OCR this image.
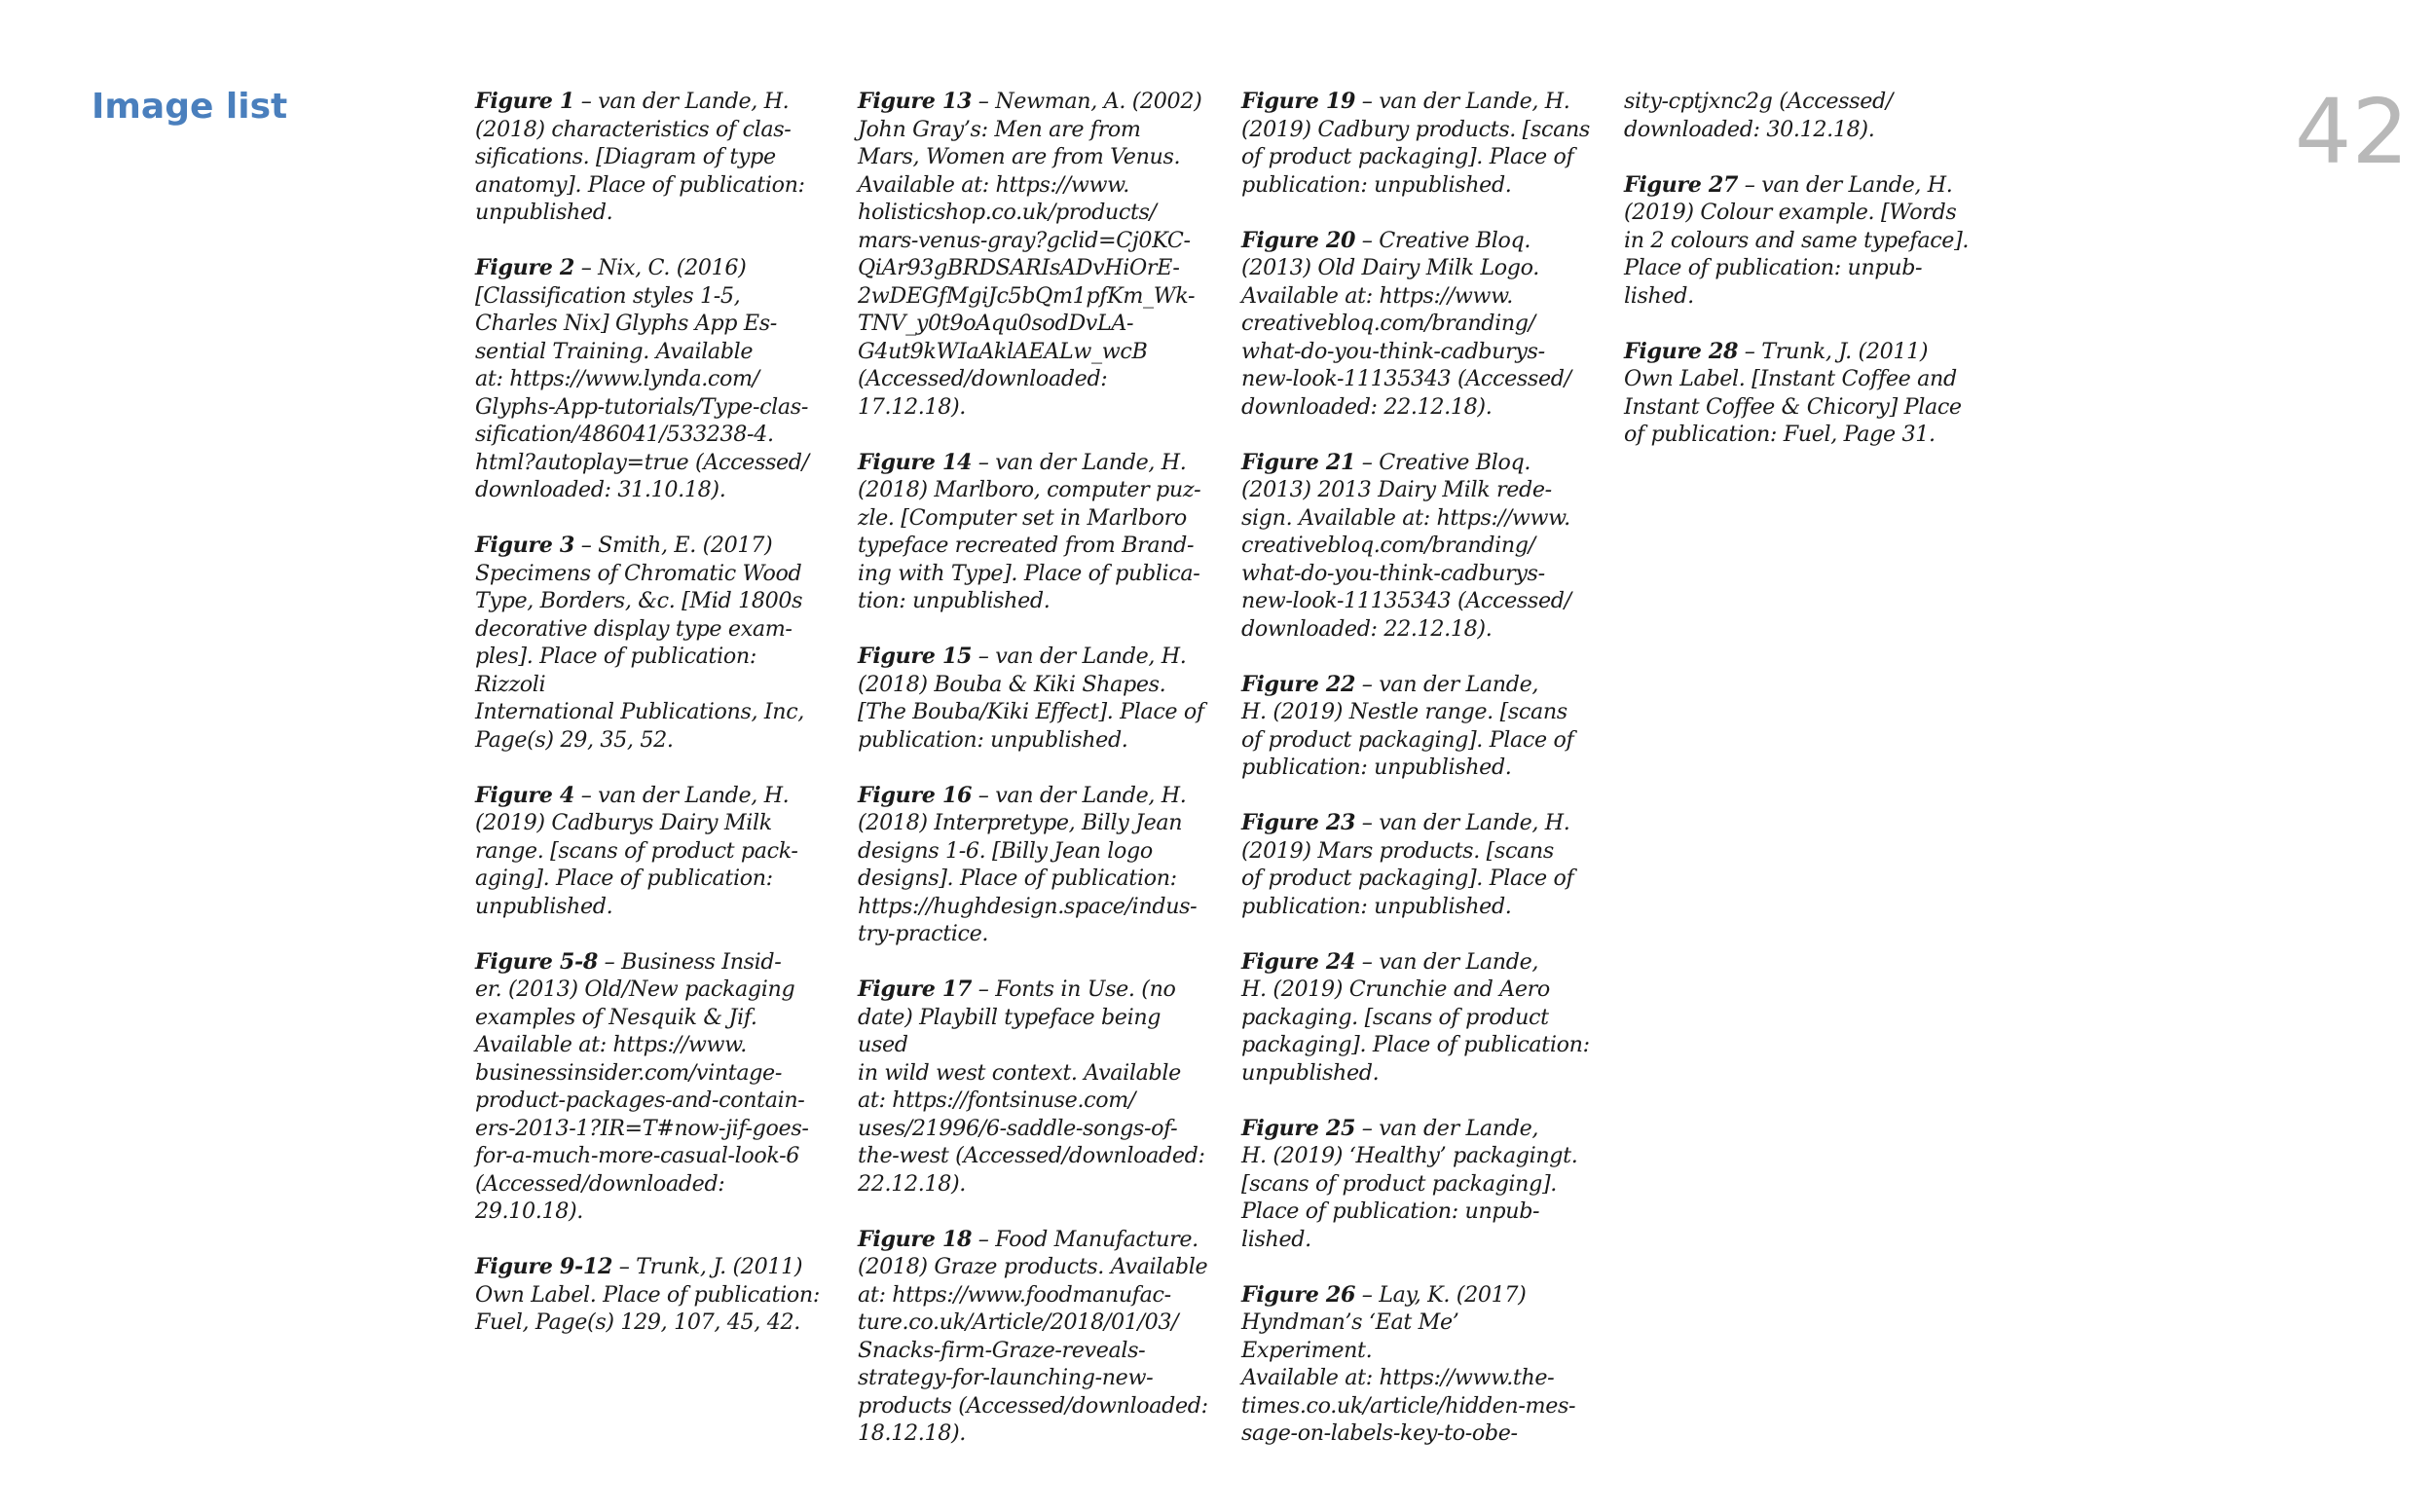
Image list	42

Figure 1 – van der Lande, H.
(2018) characteristics of clas-
sifications. [Diagram of type
anatomy]. Place of publication:
unpublished.

Figure 2 – Nix, C. (2016)
[Classification styles 1-5,
Charles Nix] Glyphs App Es-
sential Training. Available
at: https://www.lynda.com/
Glyphs-App-tutorials/Type-clas-
sification/486041/533238-4.
html?autoplay=true (Accessed/
downloaded: 31.10.18).

Figure 3 – Smith, E. (2017)
Specimens of Chromatic Wood
Type, Borders, &c. [Mid 1800s
decorative display type exam-
ples]. Place of publication: Rizzoli
International Publications, Inc,
Page(s) 29, 35, 52.

Figure 4 – van der Lande, H.
(2019) Cadburys Dairy Milk
range. [scans of product pack-
aging]. Place of publication:
unpublished.

Figure 5-8 – Business Insid-
er. (2013) Old/New packaging
examples of Nesquik & Jif.
Available at: https://www.
businessinsider.com/vintage-
product-packages-and-contain-
ers-2013-1?IR=T#now-jif-goes-
for-a-much-more-casual-look-6
(Accessed/downloaded:
29.10.18).

Figure 9-12 – Trunk, J. (2011)
Own Label. Place of publication:
Fuel, Page(s) 129, 107, 45, 42.

Figure 13 – Newman, A. (2002)
John Gray’s: Men are from
Mars, Women are from Venus.
Available at: https://www.
holisticshop.co.uk/products/
mars-venus-gray?gclid=Cj0KC-
QiAr93gBRDSARIsADvHiOrE-
2wDEGfMgiJc5bQm1pfKm_Wk-
TNV_y0t9oAqu0sodDvLA-
G4ut9kWIaAklAEALw_wcB
(Accessed/downloaded: 17.12.18).

Figure 14 – van der Lande, H.
(2018) Marlboro, computer puz-
zle. [Computer set in Marlboro
typeface recreated from Brand-
ing with Type]. Place of publica-
tion: unpublished.

Figure 15 – van der Lande, H.
(2018) Bouba & Kiki Shapes.
[The Bouba/Kiki Effect]. Place of
publication: unpublished.

Figure 16 – van der Lande, H.
(2018) Interpretype, Billy Jean
designs 1-6. [Billy Jean logo
designs]. Place of publication:
https://hughdesign.space/indus-
try-practice.

Figure 17 – Fonts in Use. (no
date) Playbill typeface being used
in wild west context. Available
at: https://fontsinuse.com/
uses/21996/6-saddle-songs-of-
the-west (Accessed/downloaded:
22.12.18).

Figure 18 – Food Manufacture.
(2018) Graze products. Available
at: https://www.foodmanufac-
ture.co.uk/Article/2018/01/03/
Snacks-firm-Graze-reveals-
strategy-for-launching-new-
products (Accessed/downloaded:
18.12.18).

Figure 19 – van der Lande, H.
(2019) Cadbury products. [scans
of product packaging]. Place of
publication: unpublished.

Figure 20 – Creative Bloq.
(2013) Old Dairy Milk Logo.
Available at: https://www.
creativebloq.com/branding/
what-do-you-think-cadburys-
new-look-11135343 (Accessed/
downloaded: 22.12.18).

Figure 21 – Creative Bloq.
(2013) 2013 Dairy Milk rede-
sign. Available at: https://www.
creativebloq.com/branding/
what-do-you-think-cadburys-
new-look-11135343 (Accessed/
downloaded: 22.12.18).

Figure 22 – van der Lande,
H. (2019) Nestle range. [scans
of product packaging]. Place of
publication: unpublished.

Figure 23 – van der Lande, H.
(2019) Mars products. [scans
of product packaging]. Place of
publication: unpublished.

Figure 24 – van der Lande,
H. (2019) Crunchie and Aero
packaging. [scans of product
packaging]. Place of publication:
unpublished.

Figure 25 – van der Lande,
H. (2019) ‘Healthy’ packagingt.
[scans of product packaging].
Place of publication: unpub-
lished.

Figure 26 – Lay, K. (2017)
Hyndman’s ‘Eat Me’ Experiment.
Available at: https://www.the-
times.co.uk/article/hidden-mes-
sage-on-labels-key-to-obe-

sity-cptjxnc2g (Accessed/
downloaded: 30.12.18).

Figure 27 – van der Lande, H.
(2019) Colour example. [Words
in 2 colours and same typeface].
Place of publication: unpub-
lished.

Figure 28 – Trunk, J. (2011)
Own Label. [Instant Coffee and
Instant Coffee & Chicory] Place
of publication: Fuel, Page 31.
